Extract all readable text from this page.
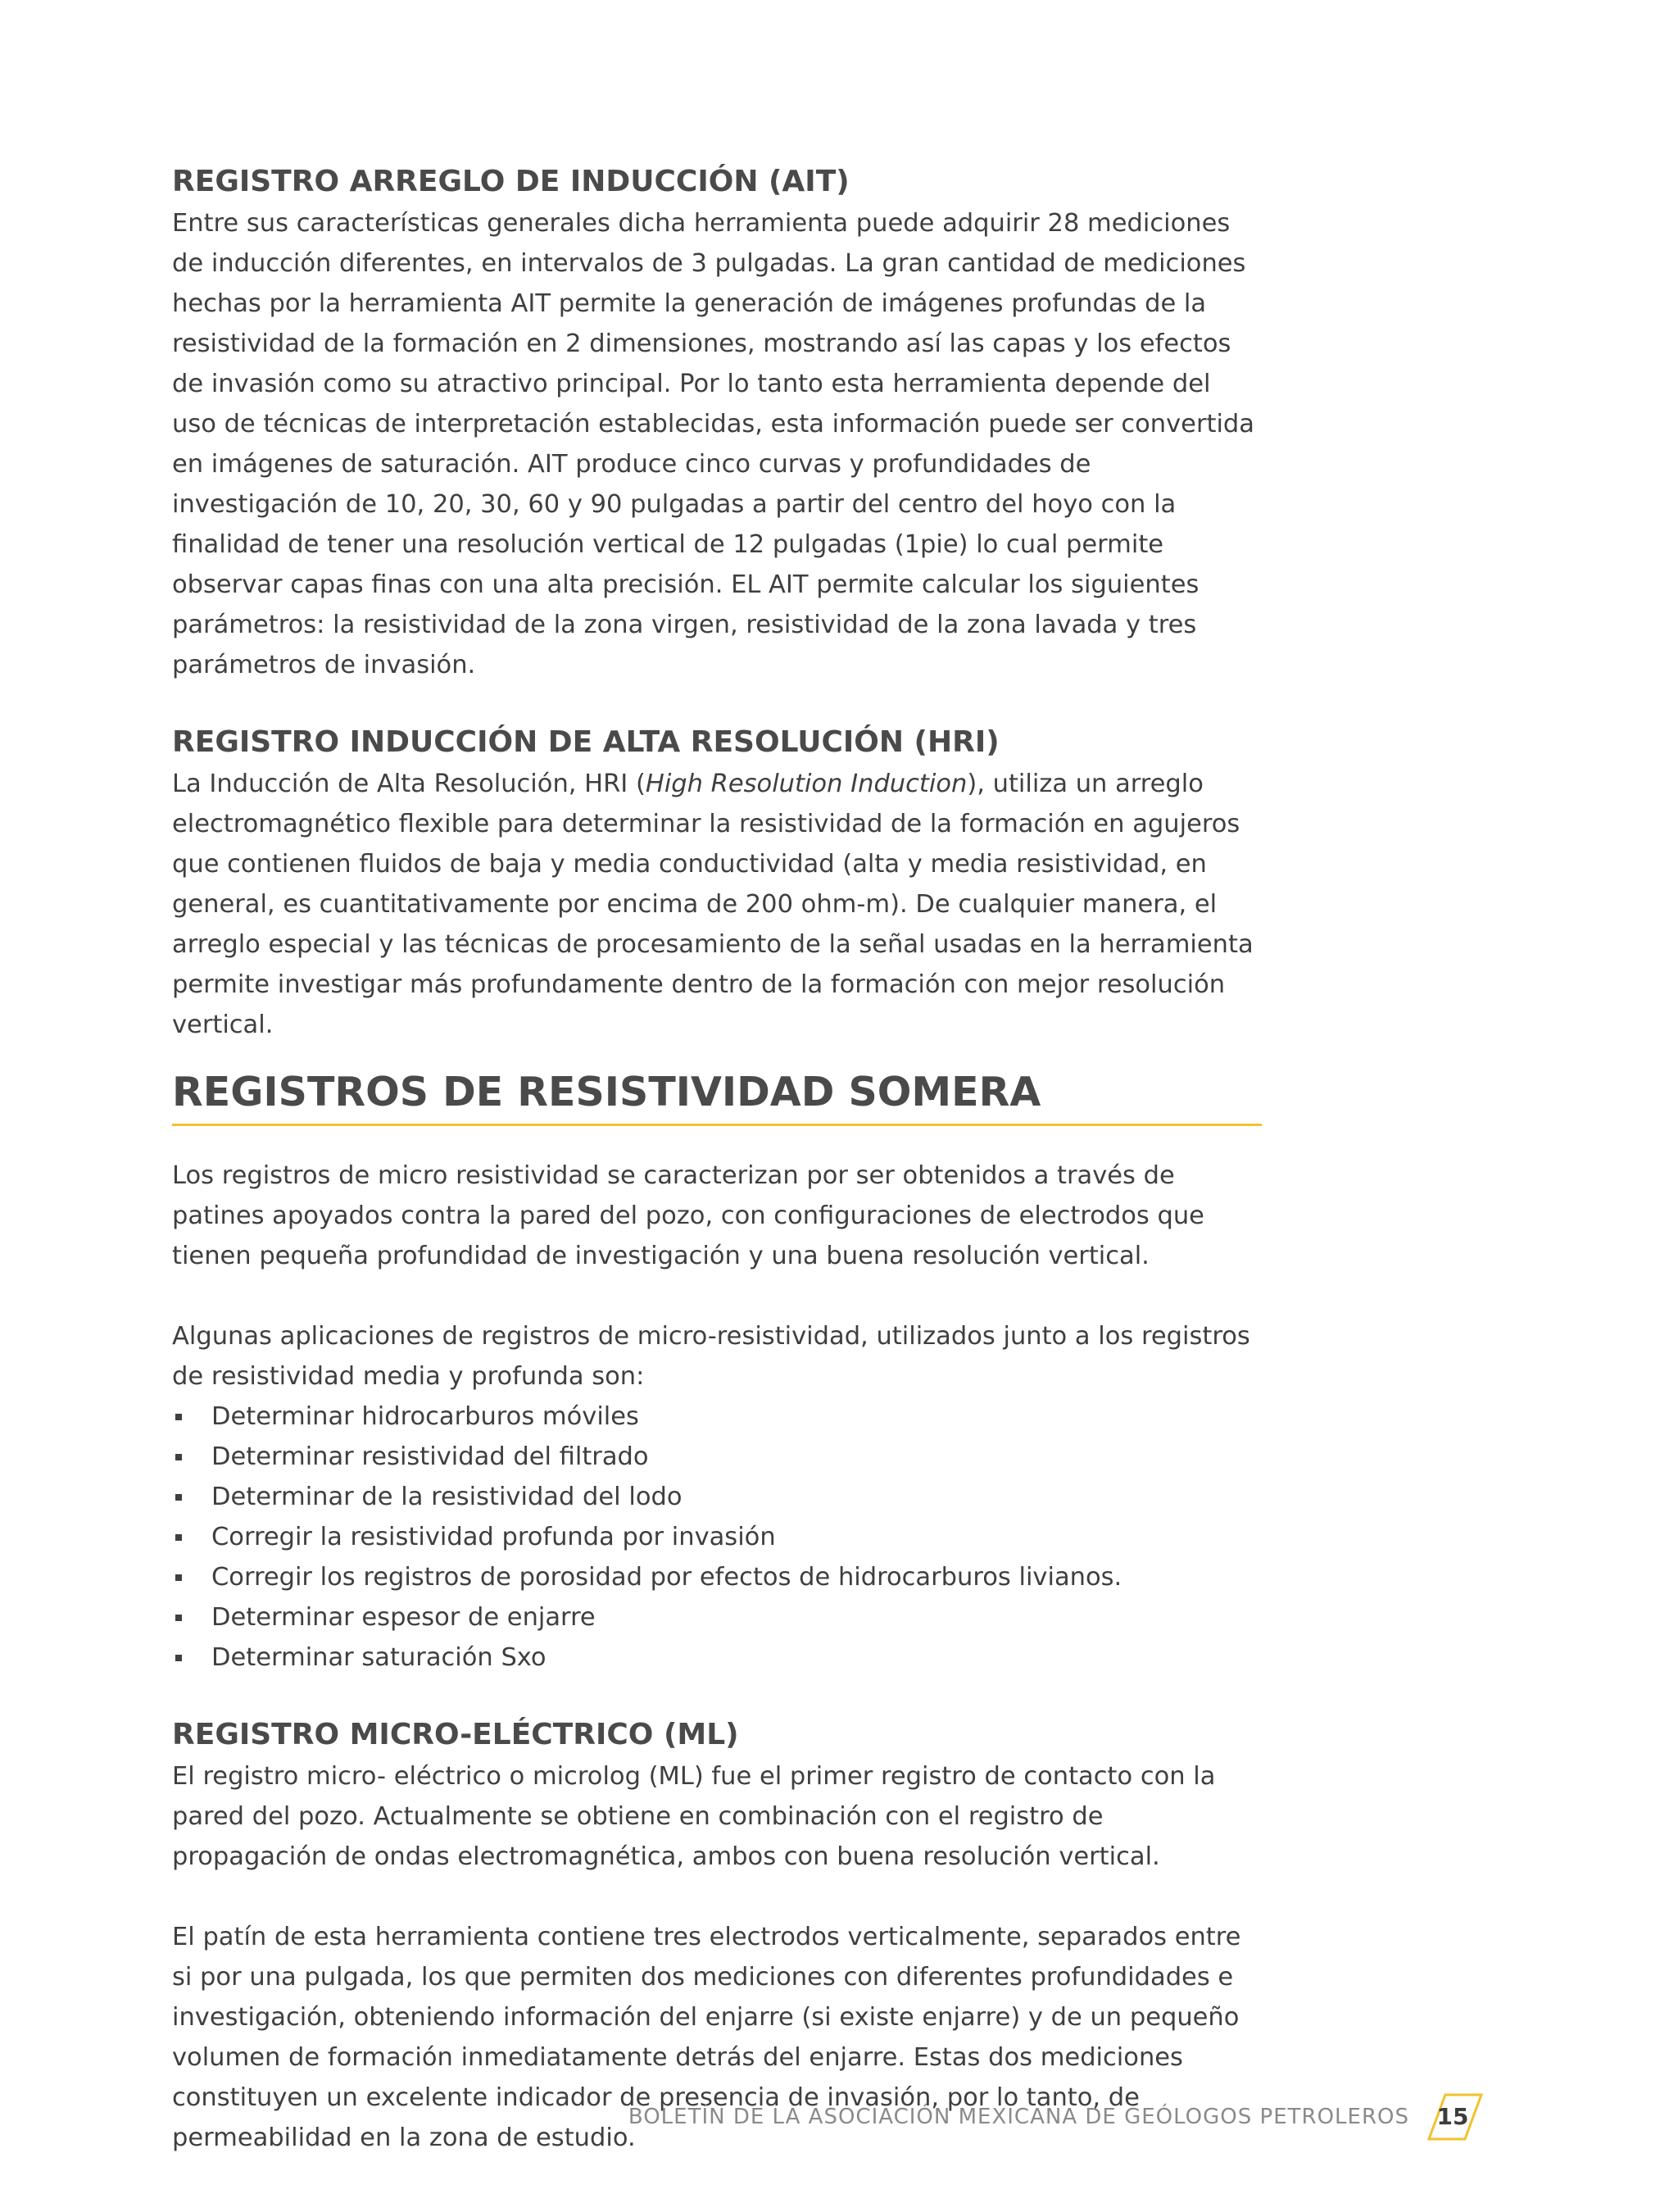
REGISTRO ARREGLO DE INDUCCIÓN (AIT)

Entre sus características generales dicha herramienta puede adquirir 28 mediciones de inducción diferentes, en intervalos de 3 pulgadas. La gran cantidad de mediciones hechas por la herramienta AIT permite la generación de imágenes profundas de la resistividad de la formación en 2 dimensiones, mostrando así las capas y los efectos de invasión como su atractivo principal. Por lo tanto esta herramienta depende del uso de técnicas de interpretación establecidas, esta información puede ser convertida en imágenes de saturación. AIT produce cinco curvas y profundidades de investigación de 10, 20, 30, 60 y 90 pulgadas a partir del centro del hoyo con la finalidad de tener una resolución vertical de 12 pulgadas (1pie) lo cual permite observar capas finas con una alta precisión. EL AIT permite calcular los siguientes parámetros: la resistividad de la zona virgen, resistividad de la zona lavada y tres parámetros de invasión.

REGISTRO INDUCCIÓN DE ALTA RESOLUCIÓN (HRI)

La Inducción de Alta Resolución, HRI (High Resolution Induction), utiliza un arreglo electromagnético flexible para determinar la resistividad de la formación en agujeros que contienen fluidos de baja y media conductividad (alta y media resistividad, en general, es cuantitativamente por encima de 200 ohm-m). De cualquier manera, el arreglo especial y las técnicas de procesamiento de la señal usadas en la herramienta permite investigar más profundamente dentro de la formación con mejor resolución vertical.

REGISTROS DE RESISTIVIDAD SOMERA

Los registros de micro resistividad se caracterizan por ser obtenidos a través de patines apoyados contra la pared del pozo, con configuraciones de electrodos que tienen pequeña profundidad de investigación y una buena resolución vertical.

Algunas aplicaciones de registros de micro-resistividad, utilizados junto a los registros de resistividad media y profunda son:

Determinar hidrocarburos móviles
Determinar resistividad del filtrado
Determinar de la resistividad del lodo
Corregir la resistividad profunda por invasión
Corregir los registros de porosidad por efectos de hidrocarburos livianos.
Determinar espesor de enjarre
Determinar saturación Sxo
REGISTRO MICRO-ELÉCTRICO (ML)

El registro micro- eléctrico o microlog (ML) fue el primer registro de contacto con la pared del pozo. Actualmente se obtiene en combinación con el registro de propagación de ondas electromagnética, ambos con buena resolución vertical.

El patín de esta herramienta contiene tres electrodos verticalmente, separados entre si por una pulgada, los que permiten dos mediciones con diferentes profundidades e investigación, obteniendo información del enjarre (si existe enjarre) y de un pequeño volumen de formación inmediatamente detrás del enjarre. Estas dos mediciones constituyen un excelente indicador de presencia de invasión, por lo tanto, de permeabilidad en la zona de estudio.

BOLETÍN DE LA ASOCIACIÓN MEXICANA DE GEÓLOGOS PETROLEROS 15
